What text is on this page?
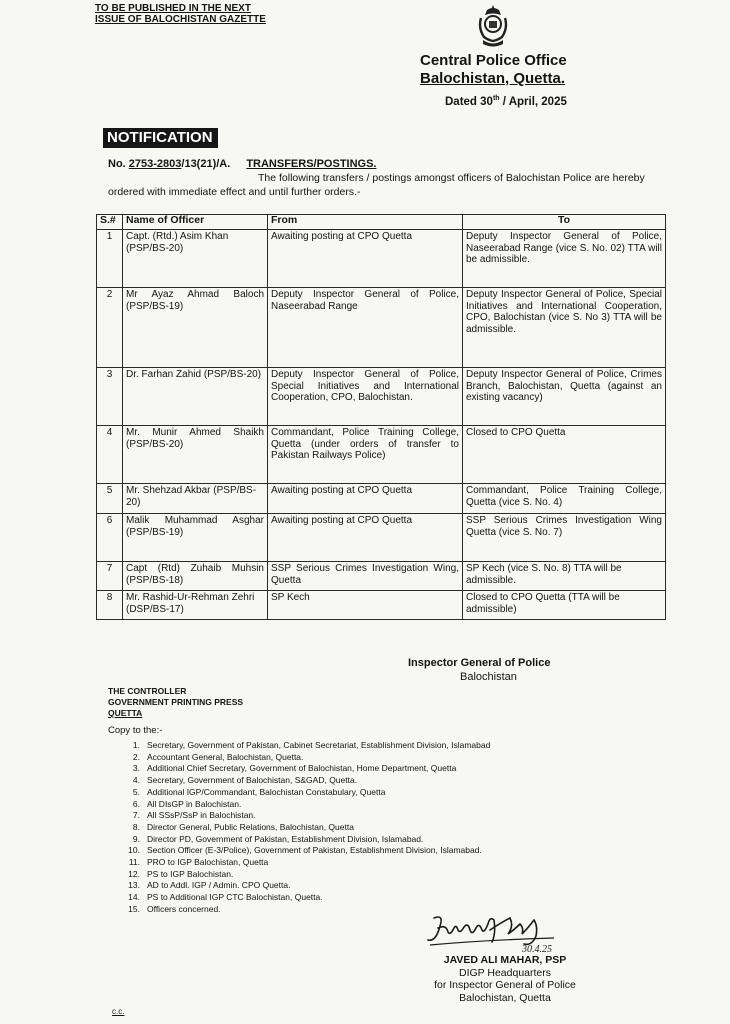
TO BE PUBLISHED IN THE NEXT
ISSUE OF BALOCHISTAN GAZETTE
Central Police Office
Balochistan, Quetta.
Dated 30th / April, 2025
NOTIFICATION
No. 2753-2803/13(21)/A. TRANSFERS/POSTINGS.
The following transfers / postings amongst officers of Balochistan Police are hereby ordered with immediate effect and until further orders.-
S.#	Name of Officer	From	To
1	Capt. (Rtd.) Asim Khan (PSP/BS-20)	Awaiting posting at CPO Quetta	Deputy Inspector General of Police, Naseerabad Range (vice S. No. 02) TTA will be admissible.
2	Mr Ayaz Ahmad Baloch (PSP/BS-19)	Deputy Inspector General of Police, Naseerabad Range	Deputy Inspector General of Police, Special Initiatives and International Cooperation, CPO, Balochistan (vice S. No 3) TTA will be admissible.
3	Dr. Farhan Zahid (PSP/BS-20)	Deputy Inspector General of Police, Special Initiatives and International Cooperation, CPO, Balochistan.	Deputy Inspector General of Police, Crimes Branch, Balochistan, Quetta (against an existing vacancy)
4	Mr. Munir Ahmed Shaikh (PSP/BS-20)	Commandant, Police Training College, Quetta (under orders of transfer to Pakistan Railways Police)	Closed to CPO Quetta
5	Mr. Shehzad Akbar (PSP/BS-20)	Awaiting posting at CPO Quetta	Commandant, Police Training College, Quetta (vice S. No. 4)
6	Malik Muhammad Asghar (PSP/BS-19)	Awaiting posting at CPO Quetta	SSP Serious Crimes Investigation Wing Quetta (vice S. No. 7)
7	Capt (Rtd) Zuhaib Muhsin (PSP/BS-18)	SSP Serious Crimes Investigation Wing, Quetta	SP Kech (vice S. No. 8) TTA will be admissible.
8	Mr. Rashid-Ur-Rehman Zehri (DSP/BS-17)	SP Kech	Closed to CPO Quetta (TTA will be admissible)
Inspector General of Police
Balochistan
THE CONTROLLER
GOVERNMENT PRINTING PRESS
QUETTA
Copy to the:-
1. Secretary, Government of Pakistan, Cabinet Secretariat, Establishment Division, Islamabad
2. Accountant General, Balochistan, Quetta.
3. Additional Chief Secretary, Government of Balochistan, Home Department, Quetta
4. Secretary, Government of Balochistan, S&GAD, Quetta.
5. Additional IGP/Commandant, Balochistan Constabulary, Quetta
6. All DIsGP in Balochistan.
7. All SSsP/SsP in Balochistan.
8. Director General, Public Relations, Balochistan, Quetta
9. Director PD, Government of Pakistan, Establishment Division, Islamabad.
10. Section Officer (E-3/Police), Government of Pakistan, Establishment Division, Islamabad.
11. PRO to IGP Balochistan, Quetta
12. PS to IGP Balochistan.
13. AD to Addl. IGP / Admin. CPO Quetta.
14. PS to Additional IGP CTC Balochistan, Quetta.
15. Officers concerned.
30.4.25
JAVED ALI MAHAR, PSP
DIGP Headquarters
for Inspector General of Police
Balochistan, Quetta
c.c.
